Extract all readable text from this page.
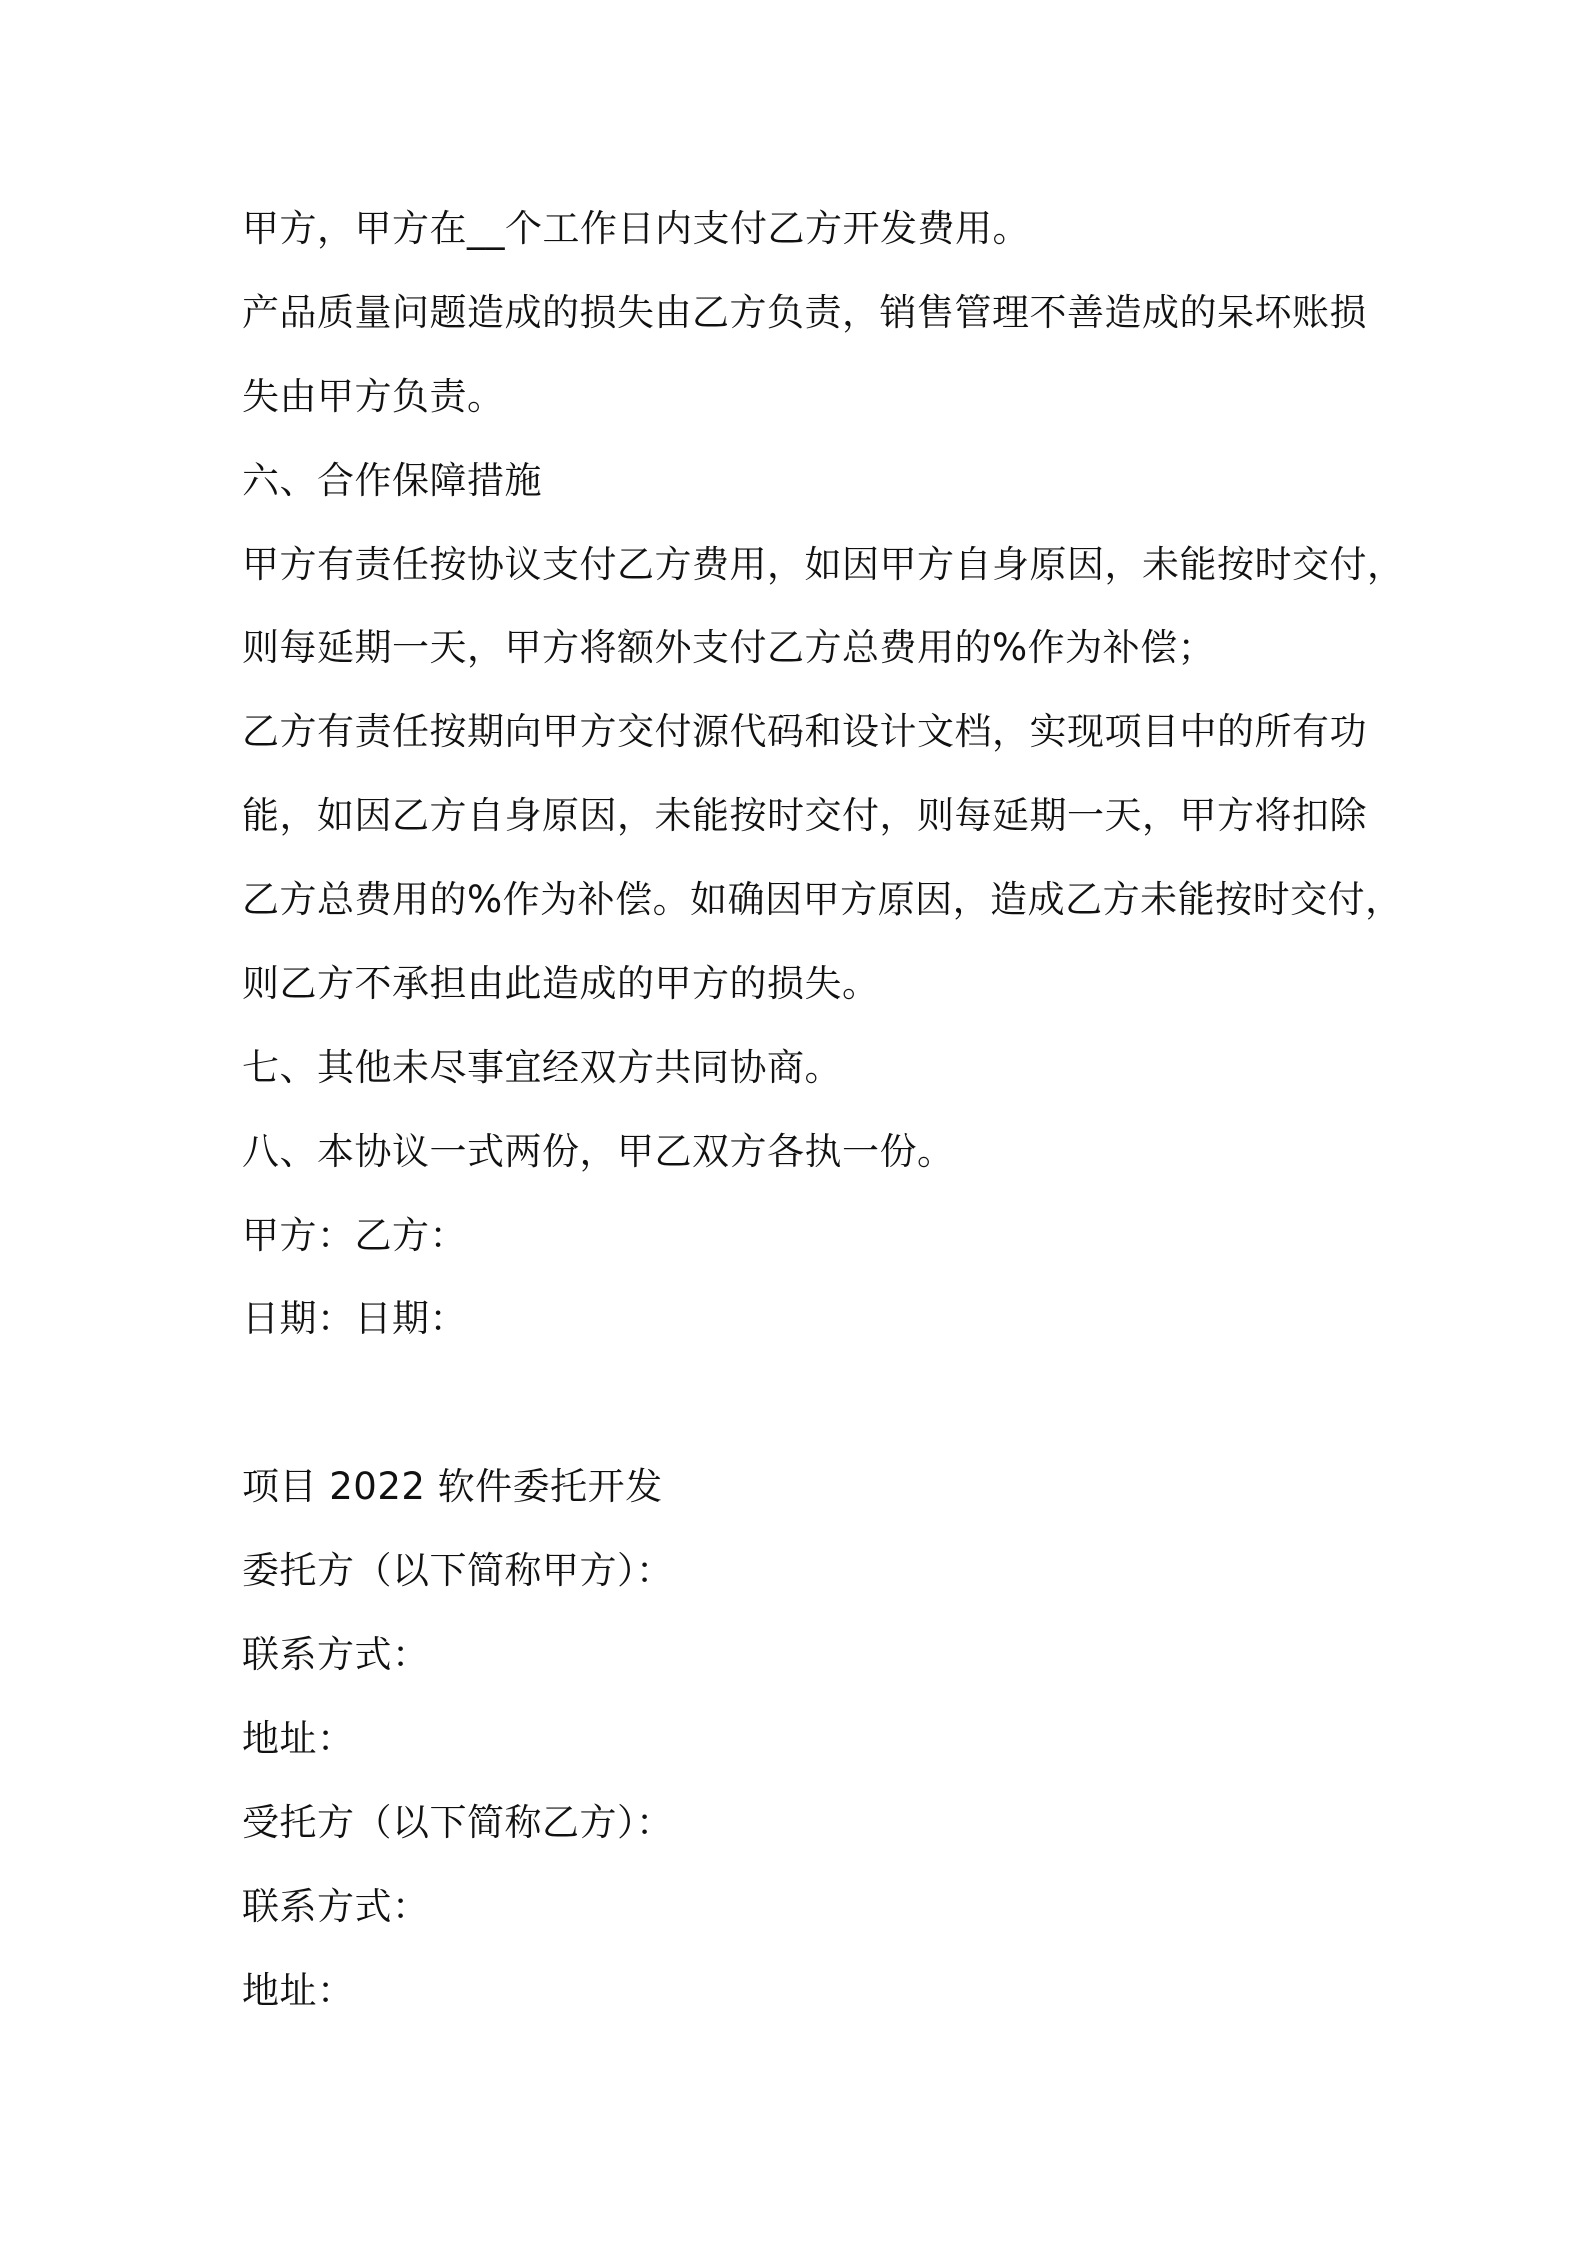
甲方，甲方在__个工作日内支付乙方开发费用。
产品质量问题造成的损失由乙方负责，销售管理不善造成的呆坏账损
失由甲方负责。
六、合作保障措施
甲方有责任按协议支付乙方费用，如因甲方自身原因，未能按时交付，
则每延期一天，甲方将额外支付乙方总费用的%作为补偿；
乙方有责任按期向甲方交付源代码和设计文档，实现项目中的所有功
能，如因乙方自身原因，未能按时交付，则每延期一天，甲方将扣除
乙方总费用的%作为补偿。如确因甲方原因，造成乙方未能按时交付，
则乙方不承担由此造成的甲方的损失。
七、其他未尽事宜经双方共同协商。
八、本协议一式两份，甲乙双方各执一份。
甲方：乙方：
日期：日期：
项目 2022 软件委托开发
委托方（以下简称甲方）：
联系方式：
地址：
受托方（以下简称乙方）：
联系方式：
地址：
